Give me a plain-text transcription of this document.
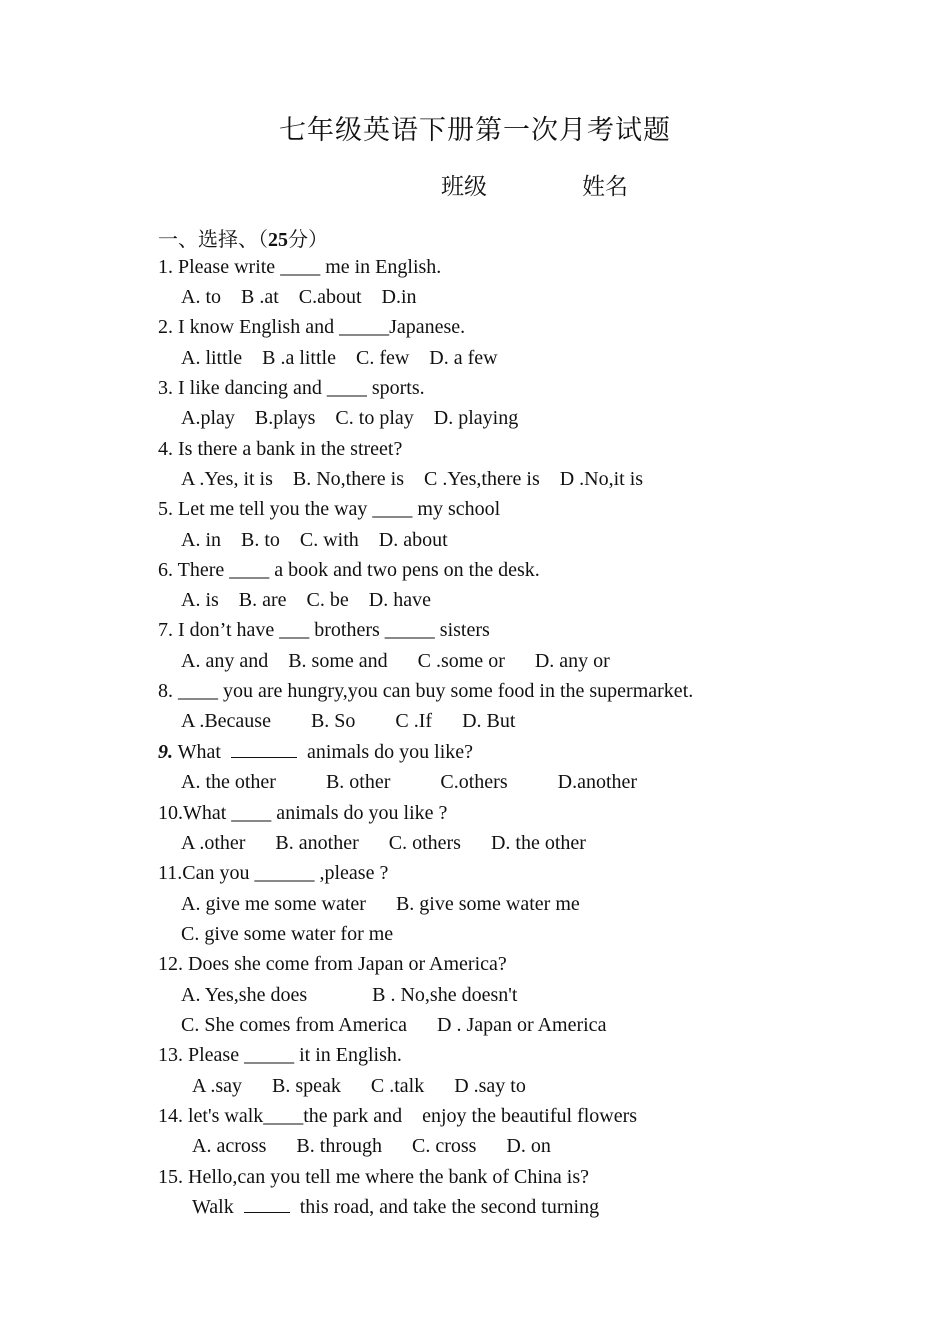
七年级英语下册第一次月考试题
班级	姓名
一、选择、（25分）
1. Please write ____ me in English.
A. to    B .at    C.about    D.in
2. I know English and _____Japanese.
A. little    B .a little    C. few    D. a few
3. I like dancing and ____ sports.
A.play    B.plays    C. to play    D. playing
4. Is there a bank in the street?
A .Yes, it is    B. No,there is    C .Yes,there is    D .No,it is
5. Let me tell you the way ____ my school
A. in    B. to    C. with    D. about
6. There ____ a book and two pens on the desk.
A. is    B. are    C. be    D. have
7. I don’t have ___ brothers _____ sisters
A. any and    B. some and      C .some or      D. any or
8. ____ you are hungry,you can buy some food in the supermarket.
A .Because        B. So        C .If      D. But
9. What	animals do you like?
A. the other          B. other          C.others          D.another
10.What ____ animals do you like ?
A .other      B. another      C. others      D. the other
11.Can you ______ ,please ?
A. give me some water      B. give some water me
C. give some water for me
12. Does she come from Japan or America?
A. Yes,she does             B . No,she doesn't
C. She comes from America      D . Japan or America
13. Please _____ it in English.
A .say      B. speak      C .talk      D .say to
14. let's walk____the park and    enjoy the beautiful flowers
A. across      B. through      C. cross      D. on
15. Hello,can you tell me where the bank of China is?
Walk	this road, and take the second turning
